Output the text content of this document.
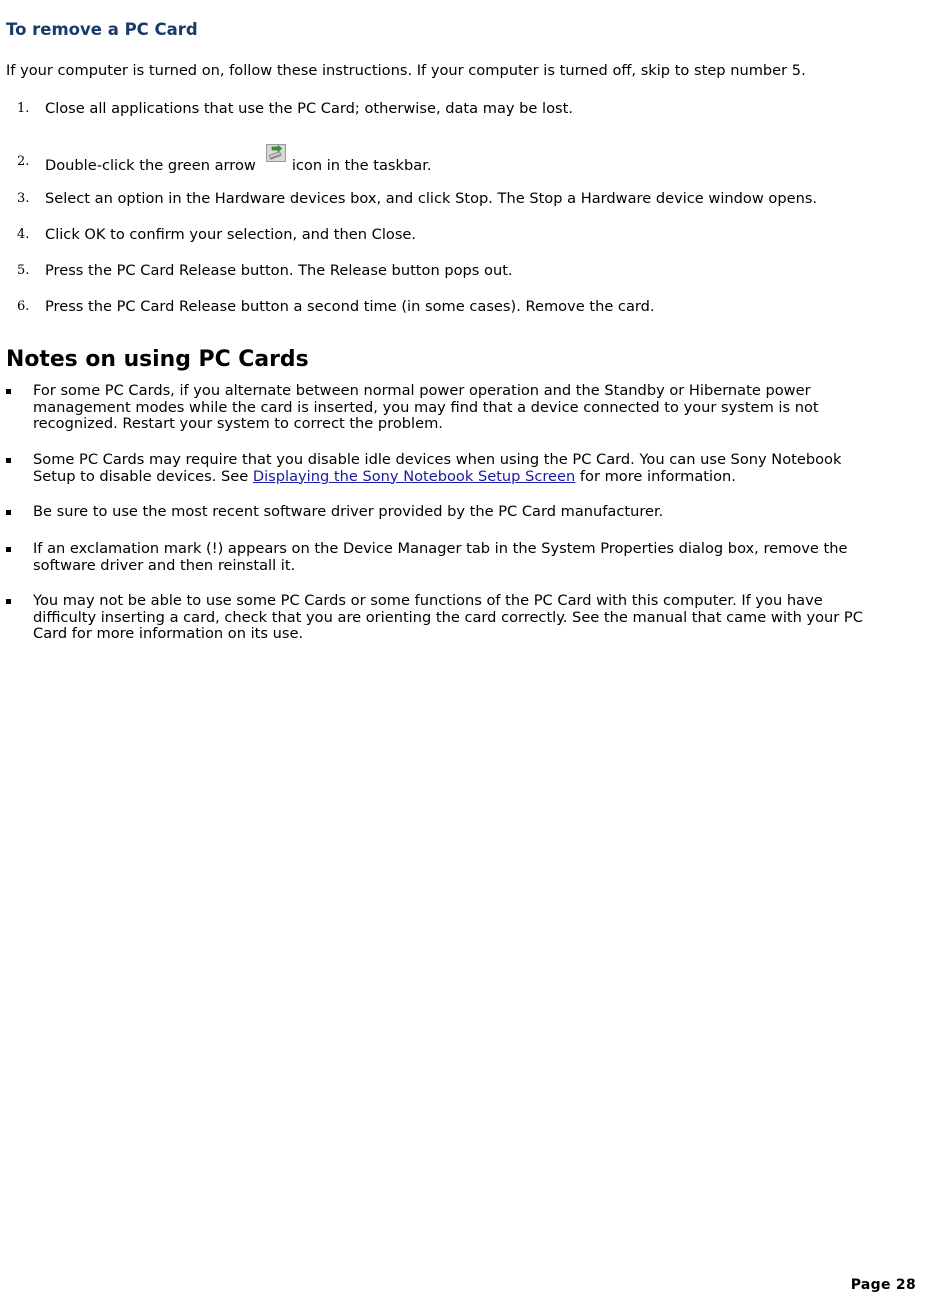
To remove a PC Card

If your computer is turned on, follow these instructions. If your computer is turned off, skip to step number 5.

1. Close all applications that use the PC Card; otherwise, data may be lost.
2. Double-click the green arrow icon in the taskbar.
3. Select an option in the Hardware devices box, and click Stop. The Stop a Hardware device window opens.
4. Click OK to confirm your selection, and then Close.
5. Press the PC Card Release button. The Release button pops out.
6. Press the PC Card Release button a second time (in some cases). Remove the card.
Notes on using PC Cards
For some PC Cards, if you alternate between normal power operation and the Standby or Hibernate power management modes while the card is inserted, you may find that a device connected to your system is not recognized. Restart your system to correct the problem.
Some PC Cards may require that you disable idle devices when using the PC Card. You can use Sony Notebook Setup to disable devices. See Displaying the Sony Notebook Setup Screen for more information.
Be sure to use the most recent software driver provided by the PC Card manufacturer.
If an exclamation mark (!) appears on the Device Manager tab in the System Properties dialog box, remove the software driver and then reinstall it.
You may not be able to use some PC Cards or some functions of the PC Card with this computer. If you have difficulty inserting a card, check that you are orienting the card correctly. See the manual that came with your PC Card for more information on its use.
Page 28
